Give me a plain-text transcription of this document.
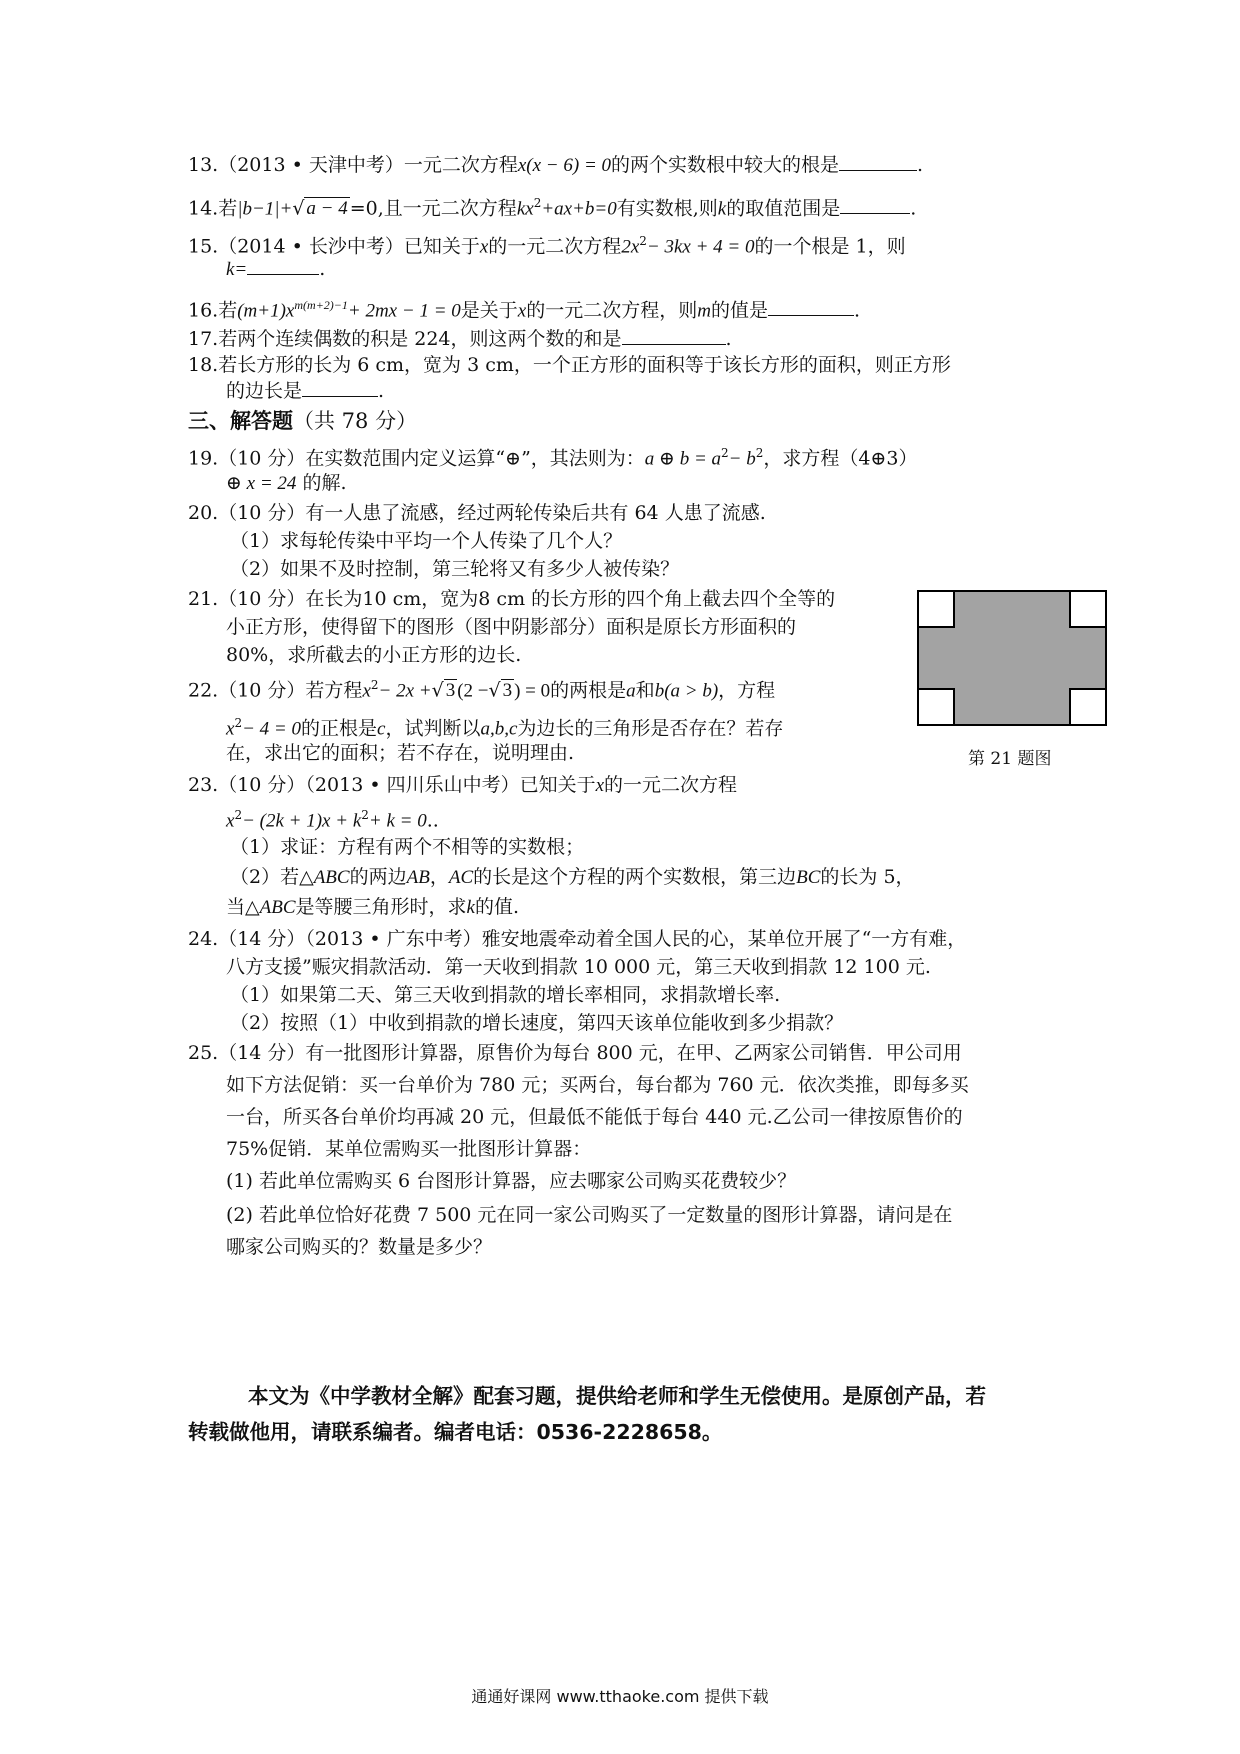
13.（2013 • 天津中考）一元二次方程x(x − 6) = 0的两个实数根中较大的根是	.
14.若|b−1|+√ a − 4 =0,且一元二次方程$kx^2+ax+b=0$有实数根,则k的取值范围是	.
15.（2014 • 长沙中考）已知关于x的一元二次方程$2x^2- 3kx + 4 = 0$的一个根是 1，则
k=	.
16.若$(m+1)x^{m(m+2)-1}+ 2mx - 1 = 0$是关于x的一元二次方程，则m的值是	.
17.若两个连续偶数的积是 224，则这两个数的和是	.
18.若长方形的长为 6 cm，宽为 3 cm，一个正方形的面积等于该长方形的面积，则正方形
的边长是	.
三、解答题（共 78 分）
19.（10 分）在实数范围内定义运算“⊕”，其法则为：a ⊕ $b = a^2- b^2$，求方程（4⊕3）
⊕ x = 24 的解.
20.（10 分）有一人患了流感，经过两轮传染后共有 64 人患了流感.
（1）求每轮传染中平均一个人传染了几个人？
（2）如果不及时控制，第三轮将又有多少人被传染？
21.（10 分）在长为10 cm，宽为8 cm 的长方形的四个角上截去四个全等的
小正方形，使得留下的图形（图中阴影部分）面积是原长方形面积的
80%，求所截去的小正方形的边长.
第 21 题图
22.（10 分）若方程$x^2- 2x$ +√ 3 (2 −√ 3 ) = 0的两根是a和b(a > b)，方程
$x^2- 4 = 0$的正根是c，试判断以a,b,c为边长的三角形是否存在？若存
在，求出它的面积；若不存在，说明理由.
23.（10 分）（2013 • 四川乐山中考）已知关于x的一元二次方程
$x^2- (2k + 1)x + k^2+ k = 0$..
（1）求证：方程有两个不相等的实数根；
（2）若△ABC的两边AB，AC的长是这个方程的两个实数根，第三边BC的长为 5，
当△ABC是等腰三角形时，求k的值.
24.（14 分）（2013 • 广东中考）雅安地震牵动着全国人民的心，某单位开展了“一方有难，
八方支援”赈灾捐款活动．第一天收到捐款 10 000 元，第三天收到捐款 12 100 元.
（1）如果第二天、第三天收到捐款的增长率相同，求捐款增长率.
（2）按照（1）中收到捐款的增长速度，第四天该单位能收到多少捐款？
25.（14 分）有一批图形计算器，原售价为每台 800 元，在甲、乙两家公司销售．甲公司用
如下方法促销：买一台单价为 780 元；买两台，每台都为 760 元．依次类推，即每多买
一台，所买各台单价均再减 20 元，但最低不能低于每台 440 元.乙公司一律按原售价的
75%促销．某单位需购买一批图形计算器：
(1) 若此单位需购买 6 台图形计算器，应去哪家公司购买花费较少？
(2) 若此单位恰好花费 7 500 元在同一家公司购买了一定数量的图形计算器，请问是在
哪家公司购买的？数量是多少？
本文为《中学教材全解》配套习题，提供给老师和学生无偿使用。是原创产品，若
转载做他用，请联系编者。编者电话：0536-2228658。
通通好课网 www.tthaoke.com 提供下载
